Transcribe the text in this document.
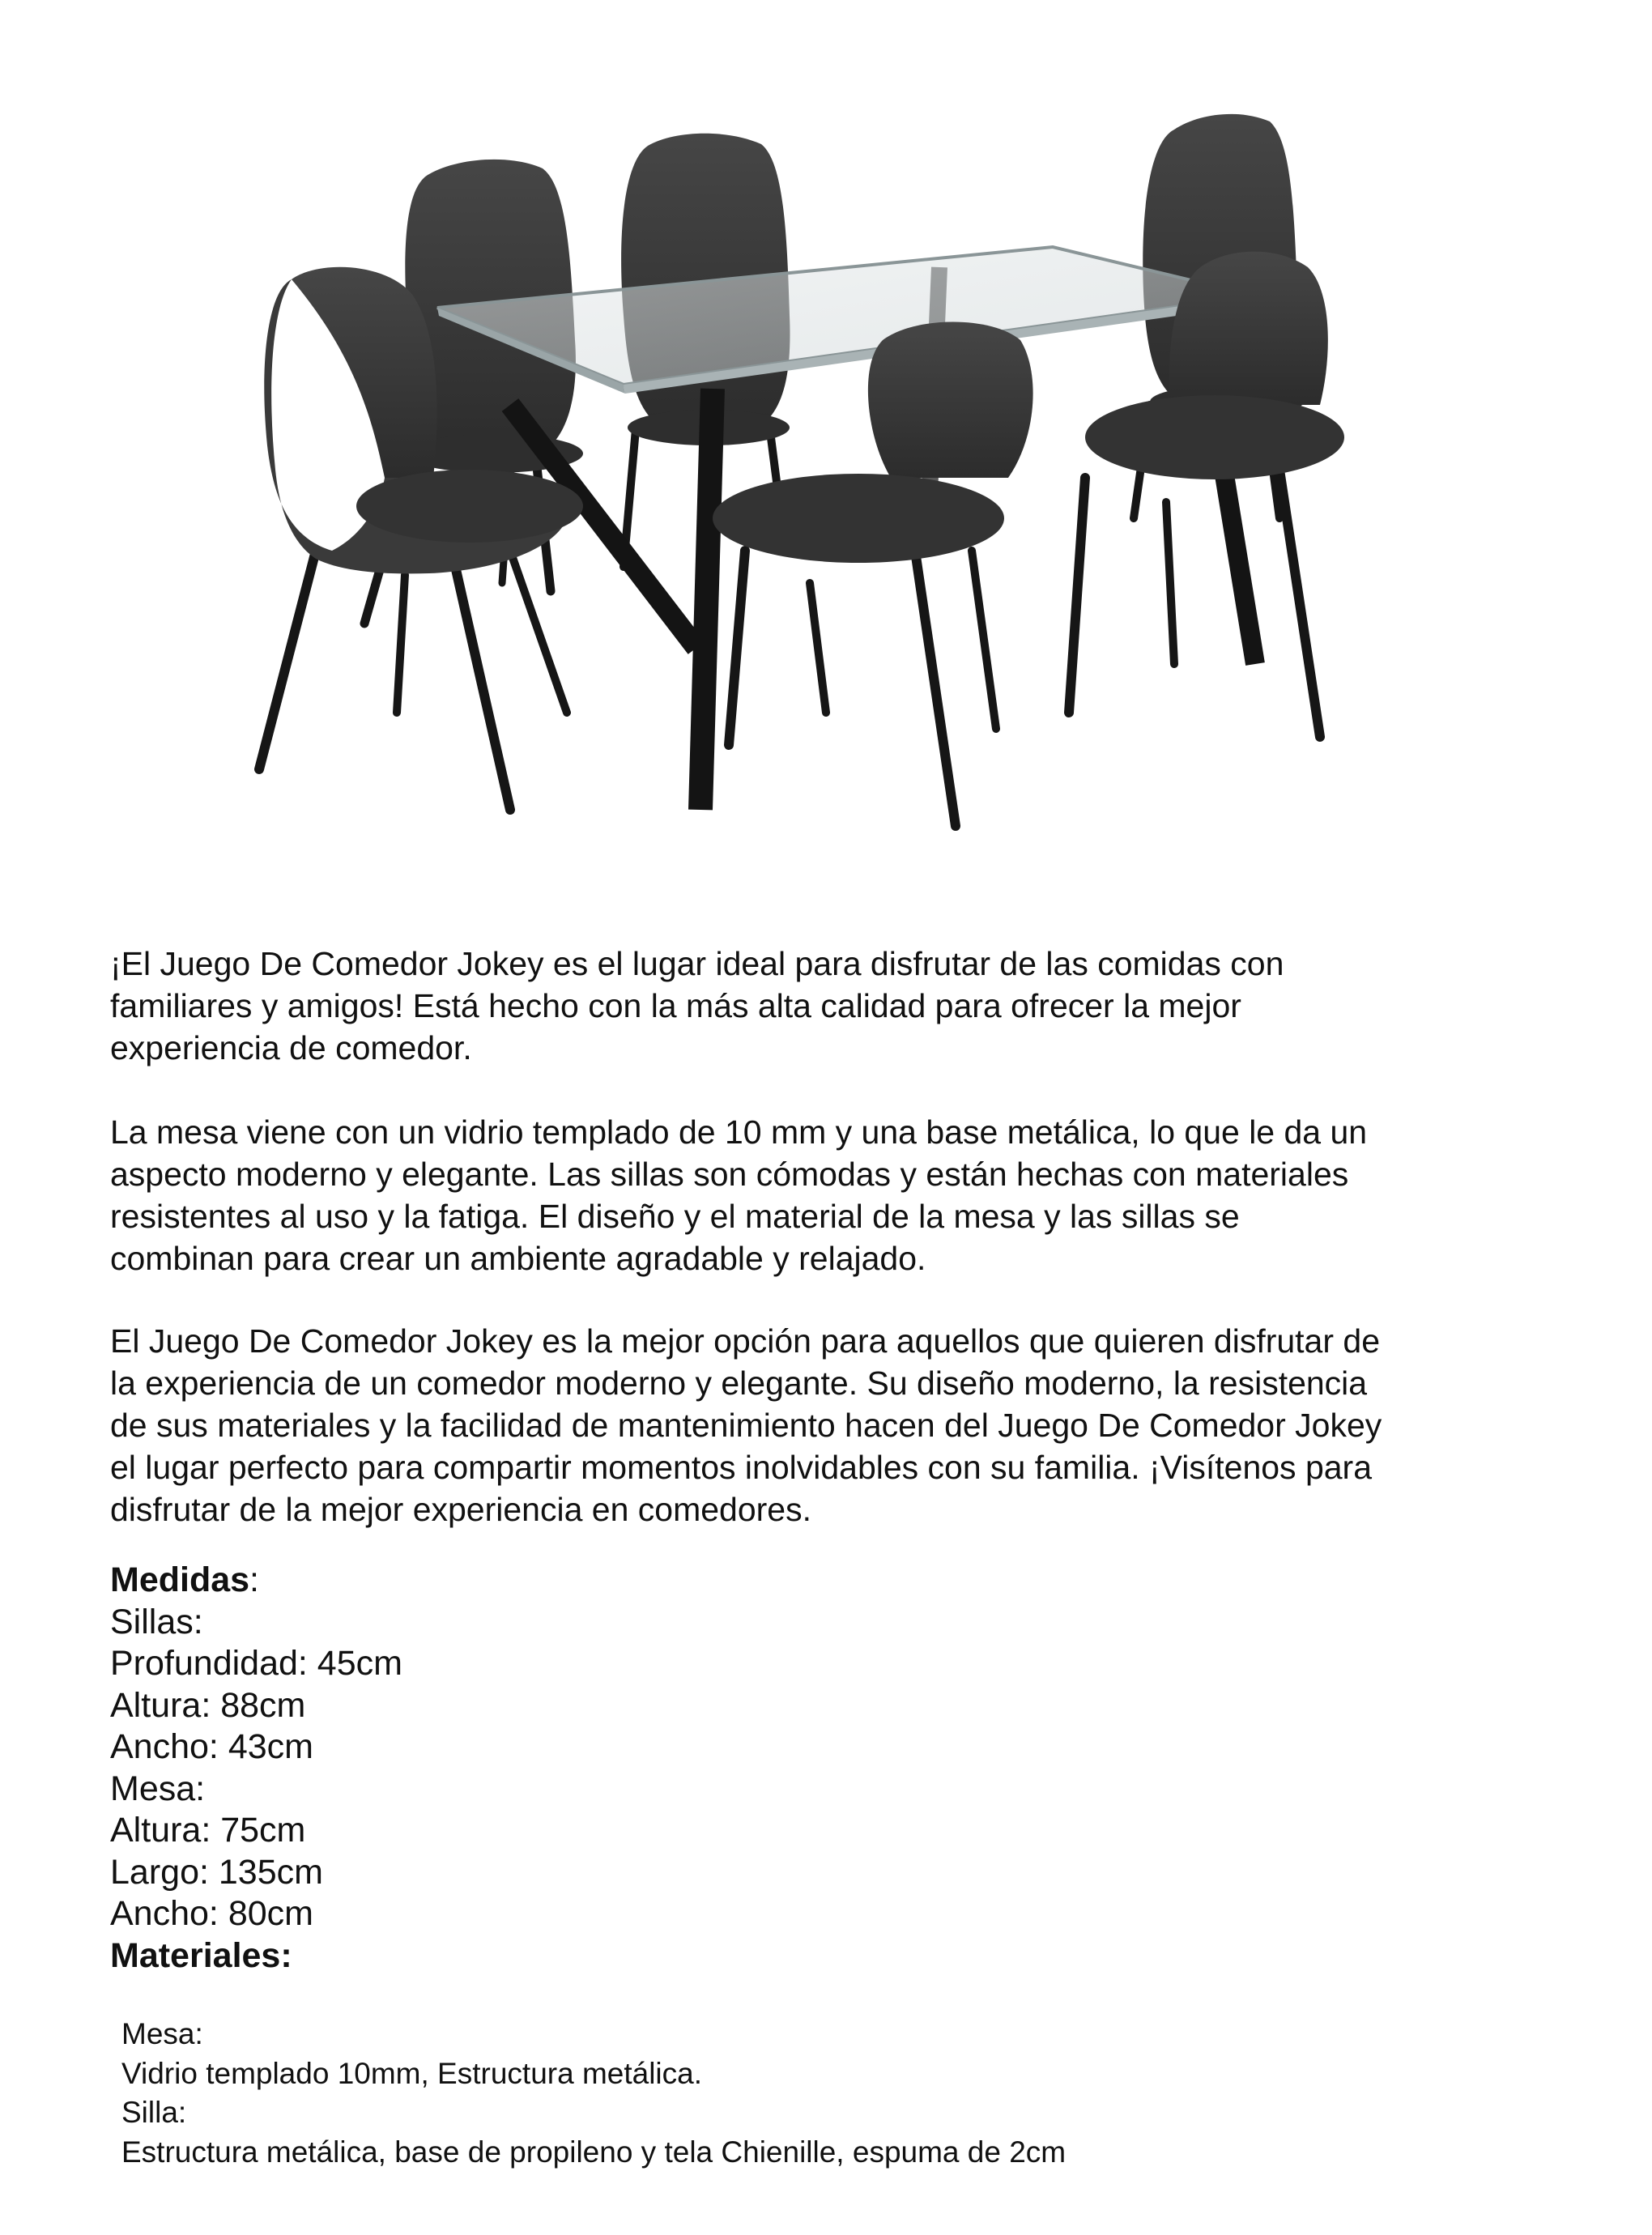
¡El Juego De Comedor Jokey es el lugar ideal para disfrutar de las comidas con
familiares y amigos! Está hecho con la más alta calidad para ofrecer la mejor
experiencia de comedor.
La mesa viene con un vidrio templado de 10 mm y una base metálica, lo que le da un
aspecto moderno y elegante. Las sillas son cómodas y están hechas con materiales
resistentes al uso y la fatiga. El diseño y el material de la mesa y las sillas se
combinan para crear un ambiente agradable y relajado.
El Juego De Comedor Jokey es la mejor opción para aquellos que quieren disfrutar de
la experiencia de un comedor moderno y elegante. Su diseño moderno, la resistencia
de sus materiales y la facilidad de mantenimiento hacen del Juego De Comedor Jokey
el lugar perfecto para compartir momentos inolvidables con su familia. ¡Visítenos para
disfrutar de la mejor experiencia en comedores.
Medidas:
Sillas:
Profundidad: 45cm
Altura: 88cm
Ancho: 43cm
Mesa:
Altura: 75cm
Largo: 135cm
Ancho: 80cm
Materiales:
Mesa:
Vidrio templado 10mm, Estructura metálica.
Silla:
Estructura metálica, base de propileno y tela Chienille, espuma de 2cm
